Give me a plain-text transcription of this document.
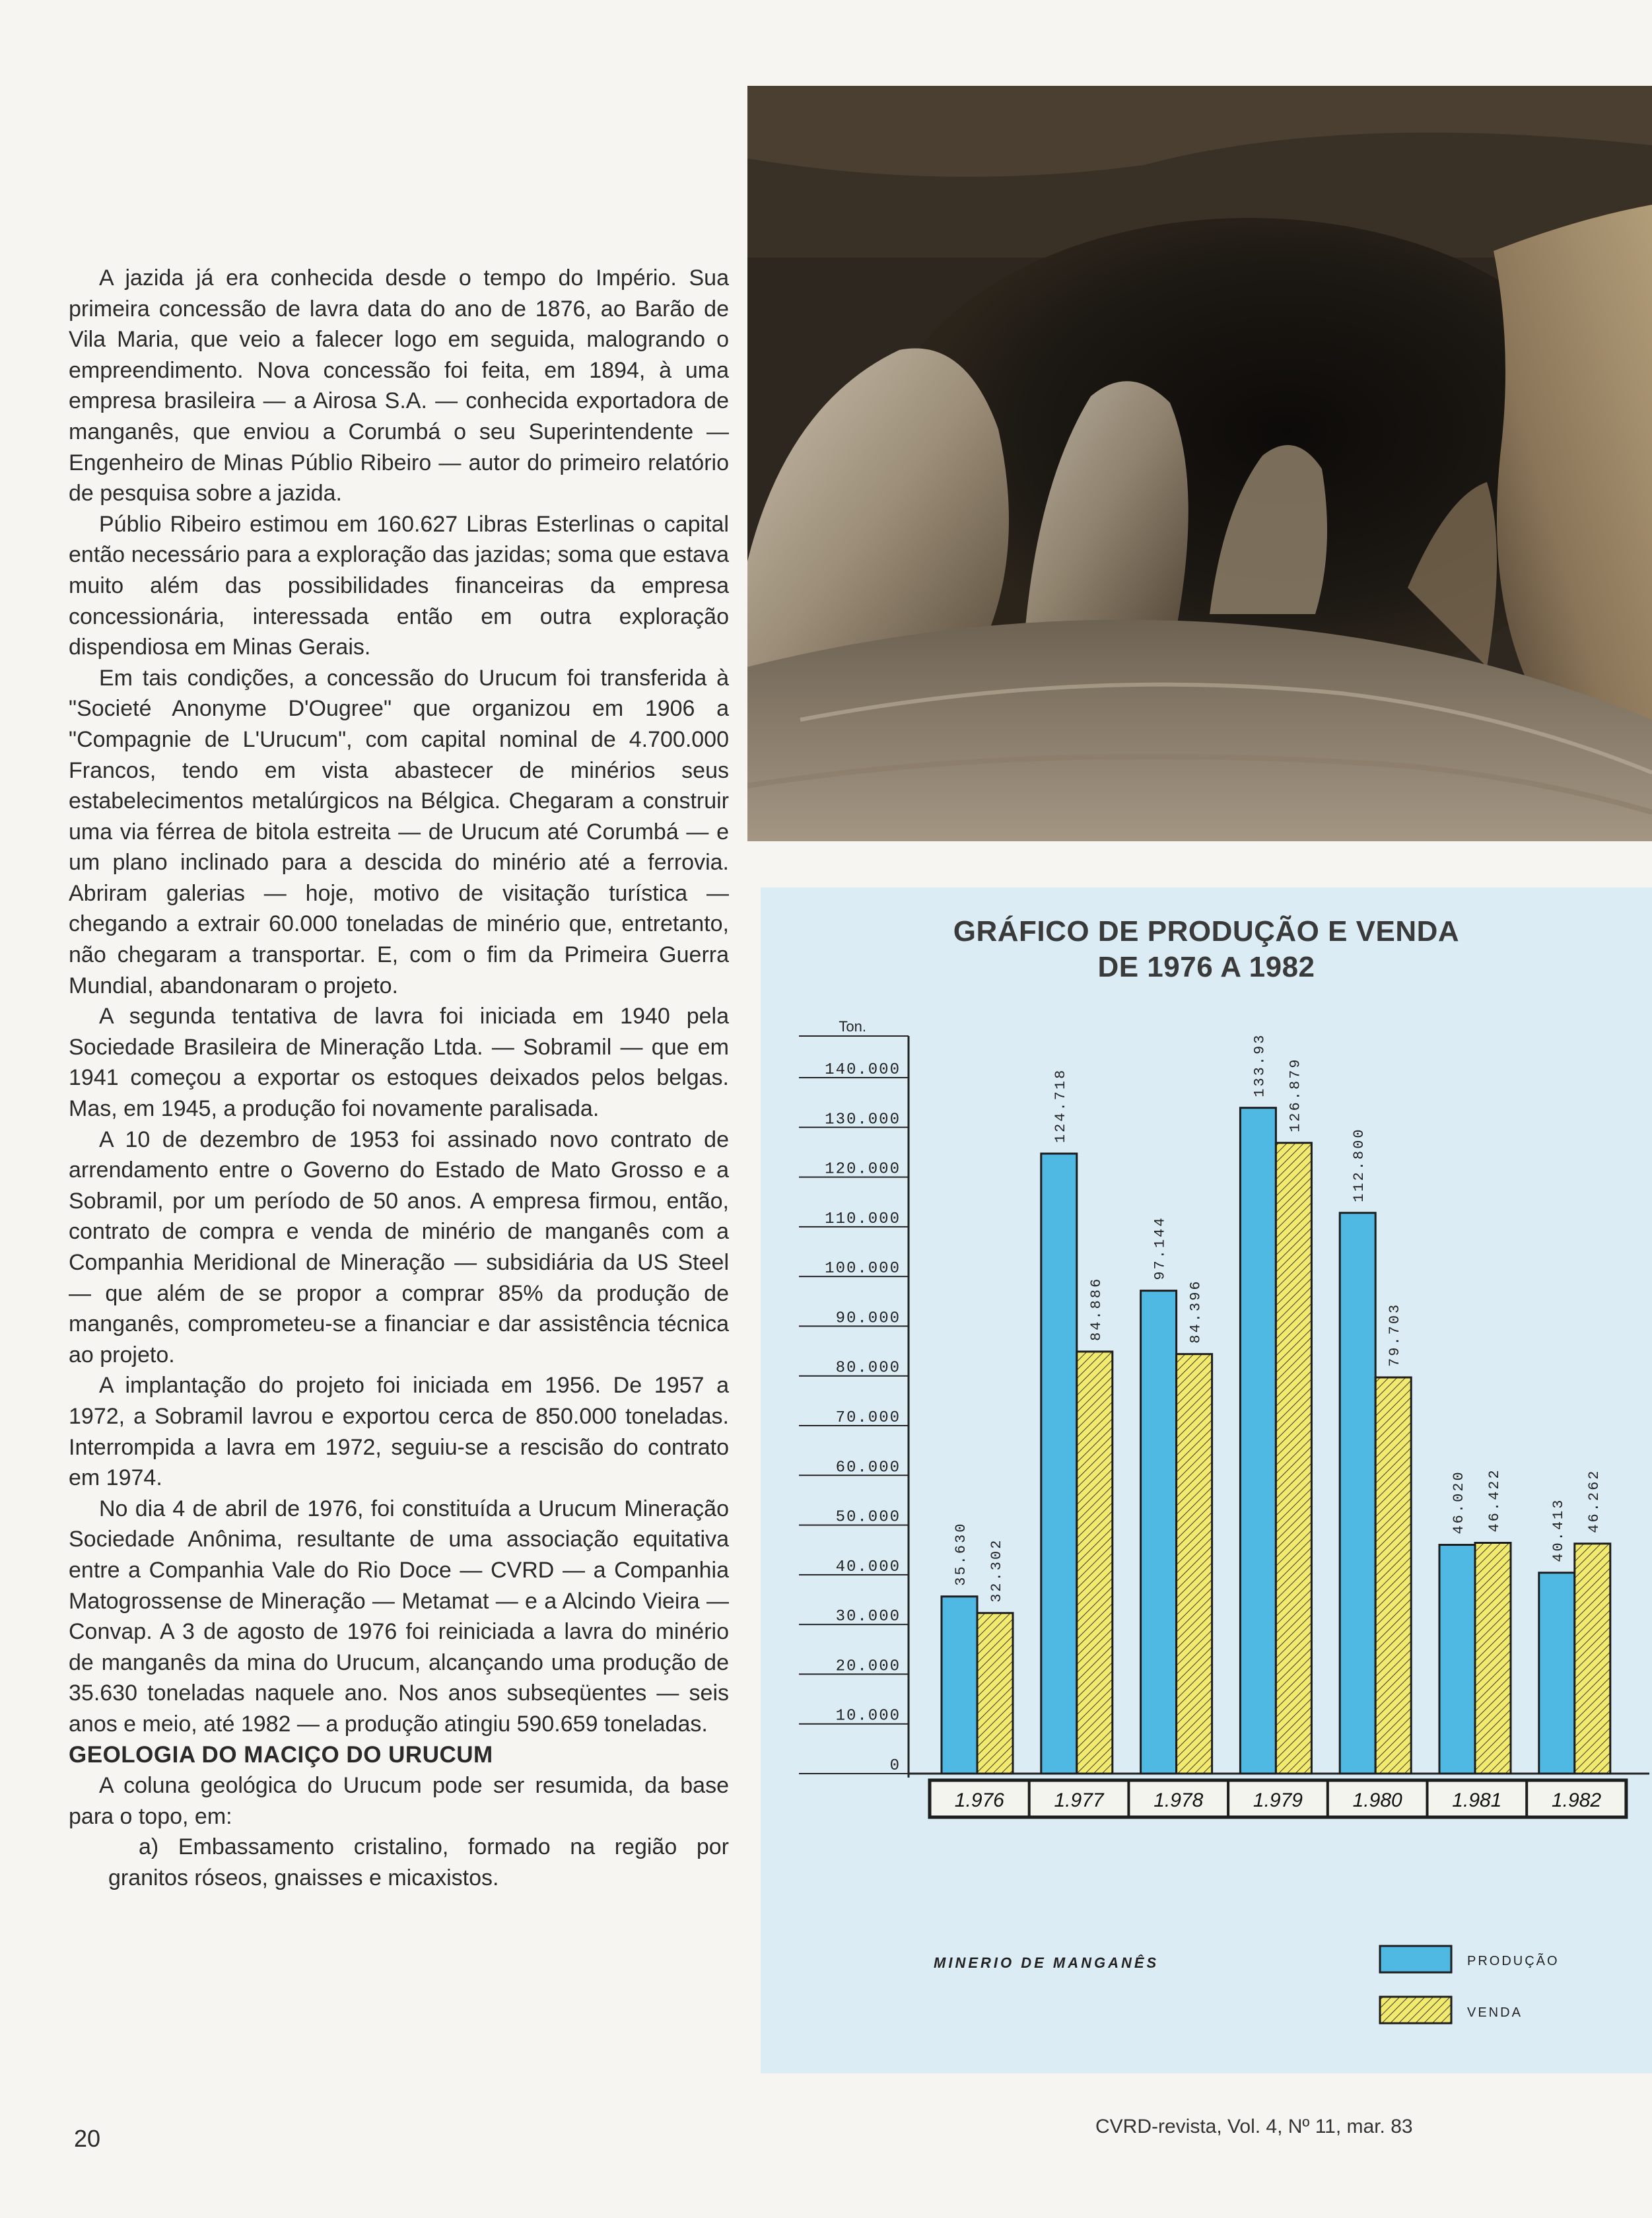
A jazida já era conhecida desde o tempo do Império. Sua primeira concessão de lavra data do ano de 1876, ao Barão de Vila Maria, que veio a falecer logo em seguida, malogrando o empreendimento. Nova concessão foi feita, em 1894, à uma empresa brasileira — a Airosa S.A. — conhecida exportadora de manganês, que enviou a Corumbá o seu Superintendente — Engenheiro de Minas Públio Ribeiro — autor do primeiro relatório de pesquisa sobre a jazida.

Públio Ribeiro estimou em 160.627 Libras Esterlinas o capital então necessário para a exploração das jazidas; soma que estava muito além das possibilidades financeiras da empresa concessionária, interessada então em outra exploração dispendiosa em Minas Gerais.

Em tais condições, a concessão do Urucum foi transferida à "Societé Anonyme D'Ougree" que organizou em 1906 a "Compagnie de L'Urucum", com capital nominal de 4.700.000 Francos, tendo em vista abastecer de minérios seus estabelecimentos metalúrgicos na Bélgica. Chegaram a construir uma via férrea de bitola estreita — de Urucum até Corumbá — e um plano inclinado para a descida do minério até a ferrovia. Abriram galerias — hoje, motivo de visitação turística — chegando a extrair 60.000 toneladas de minério que, entretanto, não chegaram a transportar. E, com o fim da Primeira Guerra Mundial, abandonaram o projeto.

A segunda tentativa de lavra foi iniciada em 1940 pela Sociedade Brasileira de Mineração Ltda. — Sobramil — que em 1941 começou a exportar os estoques deixados pelos belgas. Mas, em 1945, a produção foi novamente paralisada.

A 10 de dezembro de 1953 foi assinado novo contrato de arrendamento entre o Governo do Estado de Mato Grosso e a Sobramil, por um período de 50 anos. A empresa firmou, então, contrato de compra e venda de minério de manganês com a Companhia Meridional de Mineração — subsidiária da US Steel — que além de se propor a comprar 85% da produção de manganês, comprometeu-se a financiar e dar assistência técnica ao projeto.

A implantação do projeto foi iniciada em 1956. De 1957 a 1972, a Sobramil lavrou e exportou cerca de 850.000 toneladas. Interrompida a lavra em 1972, seguiu-se a rescisão do contrato em 1974.

No dia 4 de abril de 1976, foi constituída a Urucum Mineração Sociedade Anônima, resultante de uma associação equitativa entre a Companhia Vale do Rio Doce — CVRD — a Companhia Matogrossense de Mineração — Metamat — e a Alcindo Vieira — Convap. A 3 de agosto de 1976 foi reiniciada a lavra do minério de manganês da mina do Urucum, alcançando uma produção de 35.630 toneladas naquele ano. Nos anos subseqüentes — seis anos e meio, até 1982 — a produção atingiu 590.659 toneladas.

GEOLOGIA DO MACIÇO DO URUCUM

A coluna geológica do Urucum pode ser resumida, da base para o topo, em:

a) Embassamento cristalino, formado na região por granitos róseos, gnaisses e micaxistos.

20	CVRD-revista, Vol. 4, Nº 11, mar. 83
GRÁFICO DE PRODUÇÃO E VENDA
DE 1976 A 1982
Ton.
0
10.000
20.000
30.000
40.000
50.000
60.000
70.000
80.000
90.000
100.000
110.000
120.000
130.000
140.000
35.630 32.302
124.718
84.886
97.144
84.396
133.93 126.879
112.800
79.703
46.020 46.422	40.413 46.262
1.976	1.977	1.978	1.979	1.980	1.981	1.982
MINERIO DE MANGANÊS	PRODUÇÃO
VENDA
